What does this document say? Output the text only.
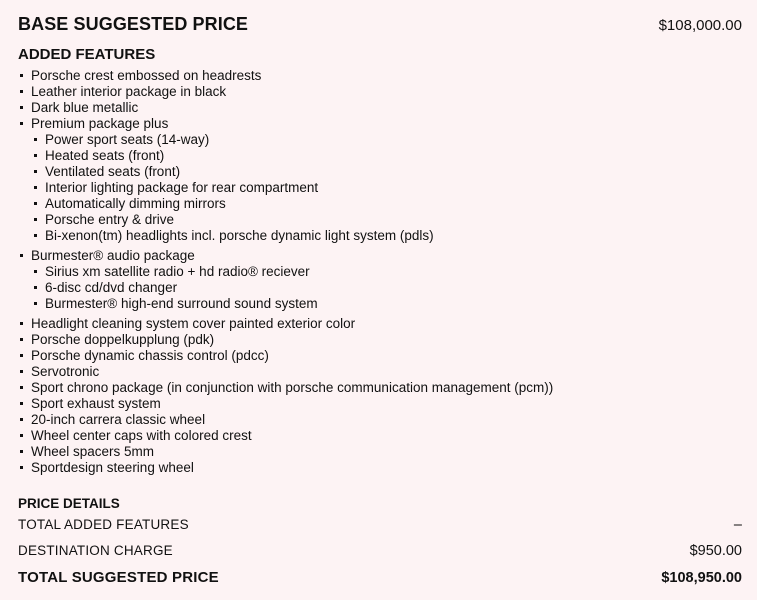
BASE SUGGESTED PRICE	$108,000.00
ADDED FEATURES
Porsche crest embossed on headrests
Leather interior package in black
Dark blue metallic
Premium package plus
Power sport seats (14-way)
Heated seats (front)
Ventilated seats (front)
Interior lighting package for rear compartment
Automatically dimming mirrors
Porsche entry & drive
Bi-xenon(tm) headlights incl. porsche dynamic light system (pdls)
Burmester® audio package
Sirius xm satellite radio + hd radio® reciever
6-disc cd/dvd changer
Burmester® high-end surround sound system
Headlight cleaning system cover painted exterior color
Porsche doppelkupplung (pdk)
Porsche dynamic chassis control (pdcc)
Servotronic
Sport chrono package (in conjunction with porsche communication management (pcm))
Sport exhaust system
20-inch carrera classic wheel
Wheel center caps with colored crest
Wheel spacers 5mm
Sportdesign steering wheel
PRICE DETAILS
TOTAL ADDED FEATURES	–
DESTINATION CHARGE	$950.00
TOTAL SUGGESTED PRICE	$108,950.00
